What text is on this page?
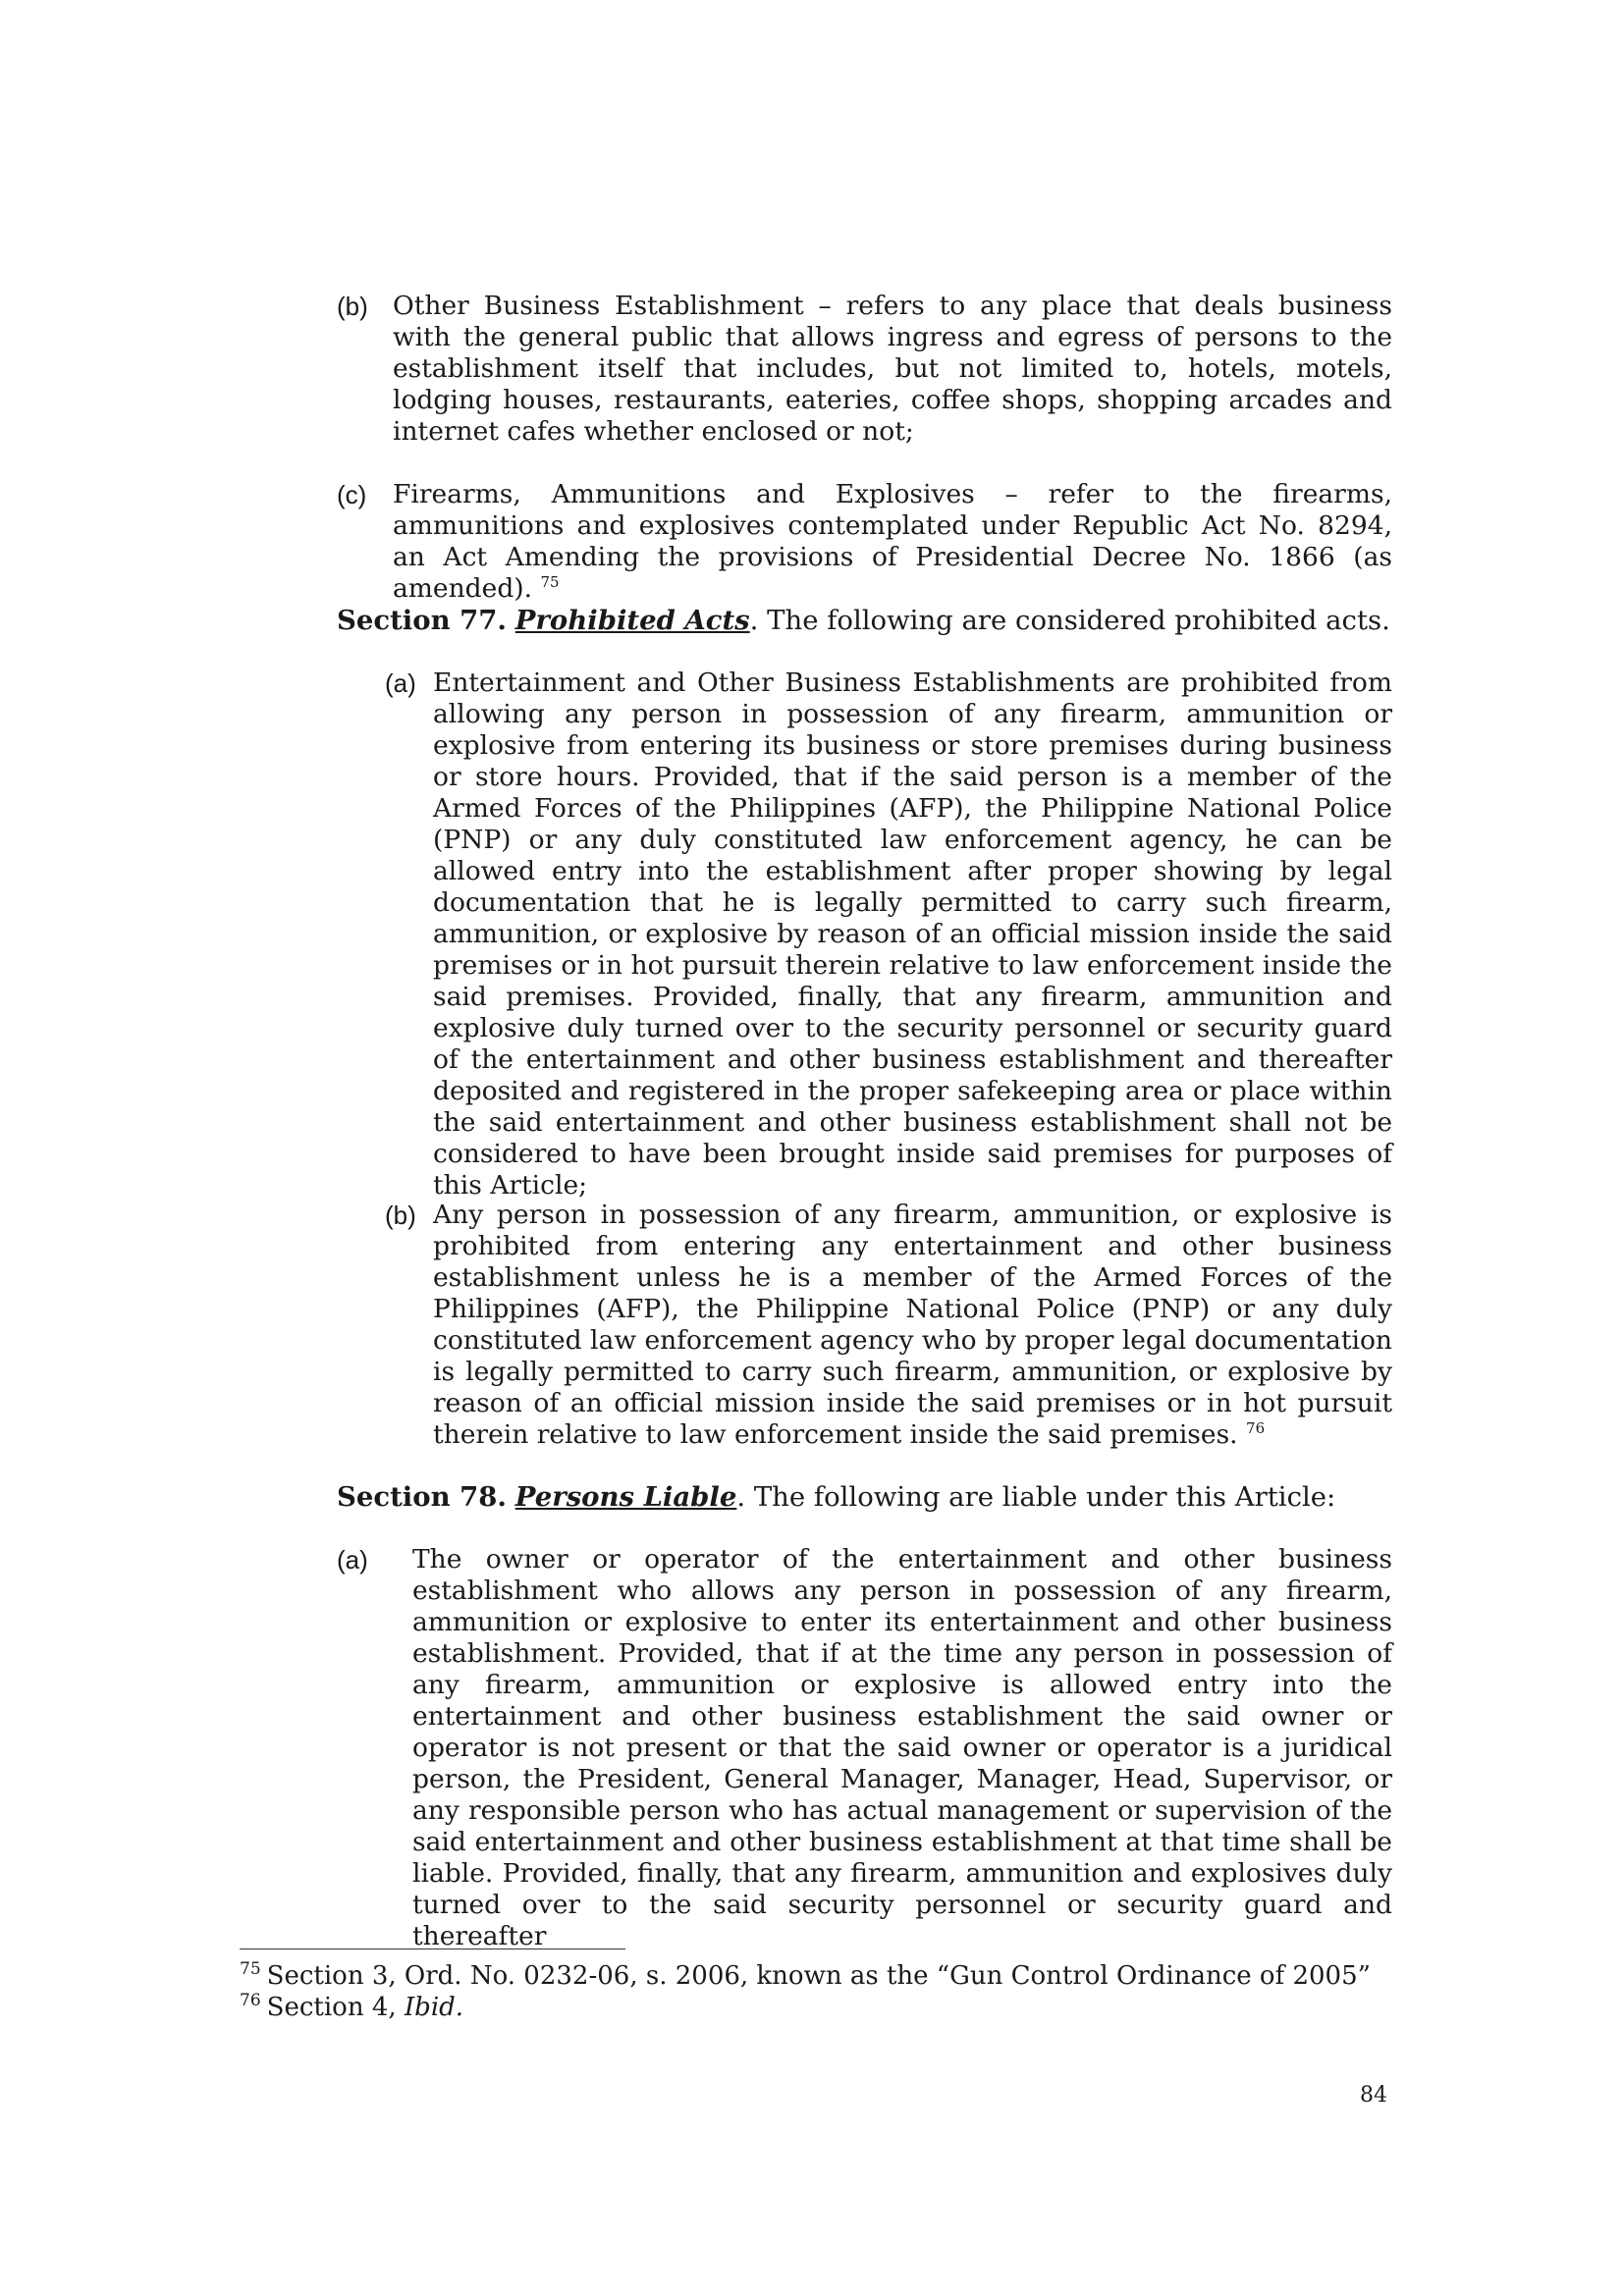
(b) Other Business Establishment – refers to any place that deals business with the general public that allows ingress and egress of persons to the establishment itself that includes, but not limited to, hotels, motels, lodging houses, restaurants, eateries, coffee shops, shopping arcades and internet cafes whether enclosed or not;
(c) Firearms, Ammunitions and Explosives – refer to the firearms, ammunitions and explosives contemplated under Republic Act No. 8294, an Act Amending the provisions of Presidential Decree No. 1866 (as amended). $^{75}$
Section 77. Prohibited Acts. The following are considered prohibited acts.
(a) Entertainment and Other Business Establishments are prohibited from allowing any person in possession of any firearm, ammunition or explosive from entering its business or store premises during business or store hours. Provided, that if the said person is a member of the Armed Forces of the Philippines (AFP), the Philippine National Police (PNP) or any duly constituted law enforcement agency, he can be allowed entry into the establishment after proper showing by legal documentation that he is legally permitted to carry such firearm, ammunition, or explosive by reason of an official mission inside the said premises or in hot pursuit therein relative to law enforcement inside the said premises. Provided, finally, that any firearm, ammunition and explosive duly turned over to the security personnel or security guard of the entertainment and other business establishment and thereafter deposited and registered in the proper safekeeping area or place within the said entertainment and other business establishment shall not be considered to have been brought inside said premises for purposes of this Article;
(b) Any person in possession of any firearm, ammunition, or explosive is prohibited from entering any entertainment and other business establishment unless he is a member of the Armed Forces of the Philippines (AFP), the Philippine National Police (PNP) or any duly constituted law enforcement agency who by proper legal documentation is legally permitted to carry such firearm, ammunition, or explosive by reason of an official mission inside the said premises or in hot pursuit therein relative to law enforcement inside the said premises. $^{76}$
Section 78. Persons Liable. The following are liable under this Article:
(a) The owner or operator of the entertainment and other business establishment who allows any person in possession of any firearm, ammunition or explosive to enter its entertainment and other business establishment. Provided, that if at the time any person in possession of any firearm, ammunition or explosive is allowed entry into the entertainment and other business establishment the said owner or operator is not present or that the said owner or operator is a juridical person, the President, General Manager, Manager, Head, Supervisor, or any responsible person who has actual management or supervision of the said entertainment and other business establishment at that time shall be liable. Provided, finally, that any firearm, ammunition and explosives duly turned over to the said security personnel or security guard and thereafter
$^{75}$ Section 3, Ord. No. 0232-06, s. 2006, known as the “Gun Control Ordinance of 2005”
$^{76}$ Section 4, Ibid.
84
